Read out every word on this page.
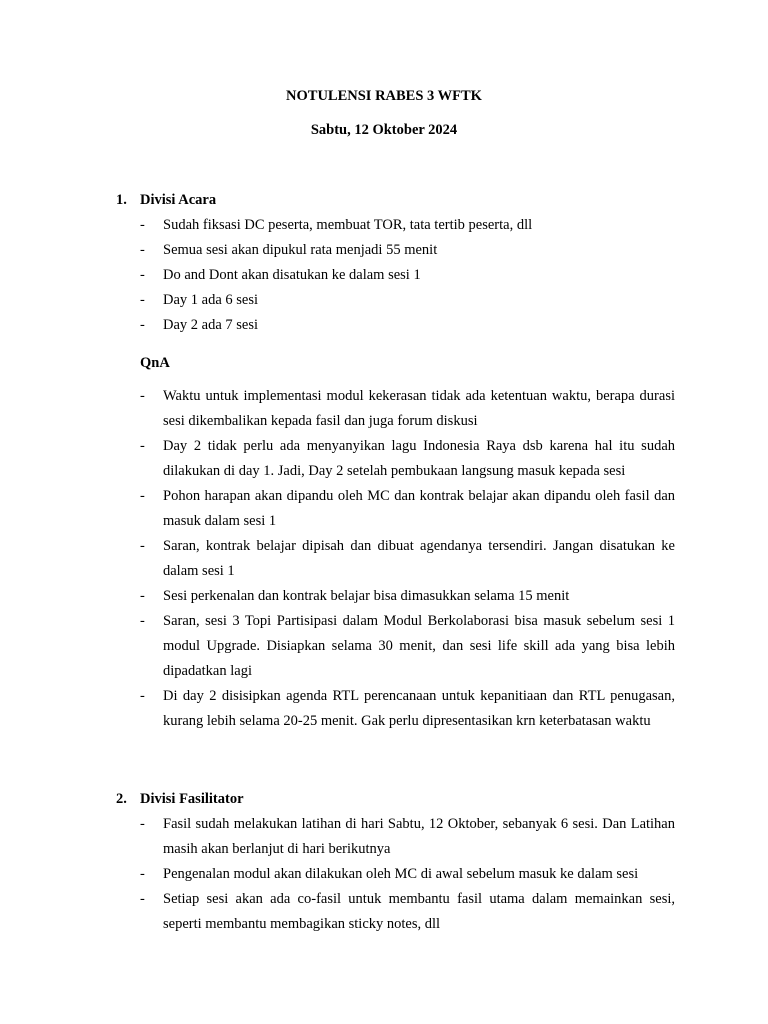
NOTULENSI RABES 3 WFTK

Sabtu, 12 Oktober 2024

1. Divisi Acara

- Sudah fiksasi DC peserta, membuat TOR, tata tertib peserta, dll
- Semua sesi akan dipukul rata menjadi 55 menit
- Do and Dont akan disatukan ke dalam sesi 1
- Day 1 ada 6 sesi
- Day 2 ada 7 sesi

QnA

- Waktu untuk implementasi modul kekerasan tidak ada ketentuan waktu, berapa durasi sesi dikembalikan kepada fasil dan juga forum diskusi
- Day 2 tidak perlu ada menyanyikan lagu Indonesia Raya dsb karena hal itu sudah dilakukan di day 1. Jadi, Day 2 setelah pembukaan langsung masuk kepada sesi
- Pohon harapan akan dipandu oleh MC dan kontrak belajar akan dipandu oleh fasil dan masuk dalam sesi 1
- Saran, kontrak belajar dipisah dan dibuat agendanya tersendiri. Jangan disatukan ke dalam sesi 1
- Sesi perkenalan dan kontrak belajar bisa dimasukkan selama 15 menit
- Saran, sesi 3 Topi Partisipasi dalam Modul Berkolaborasi bisa masuk sebelum sesi 1 modul Upgrade. Disiapkan selama 30 menit, dan sesi life skill ada yang bisa lebih dipadatkan lagi
- Di day 2 disisipkan agenda RTL perencanaan untuk kepanitiaan dan RTL penugasan, kurang lebih selama 20-25 menit. Gak perlu dipresentasikan krn keterbatasan waktu

2. Divisi Fasilitator

- Fasil sudah melakukan latihan di hari Sabtu, 12 Oktober, sebanyak 6 sesi. Dan Latihan masih akan berlanjut di hari berikutnya
- Pengenalan modul akan dilakukan oleh MC di awal sebelum masuk ke dalam sesi
- Setiap sesi akan ada co-fasil untuk membantu fasil utama dalam memainkan sesi, seperti membantu membagikan sticky notes, dll
